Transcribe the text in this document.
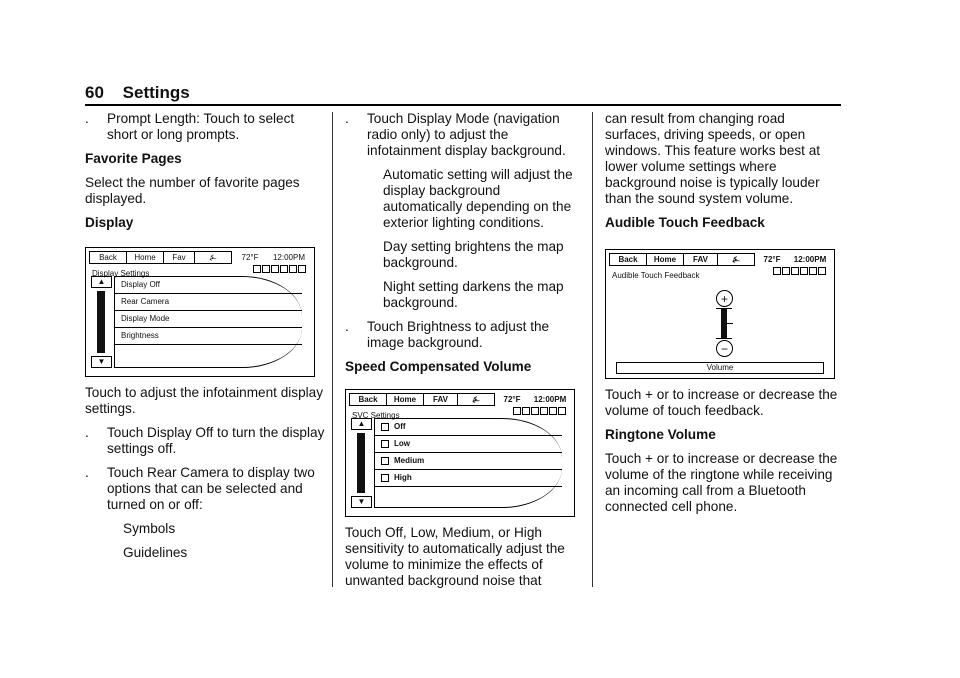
60 Settings
. Prompt Length: Touch to select short or long prompts.
Favorite Pages

Select the number of favorite pages displayed.

Display
Back	Home	Fav	⍼	72°F	12:00PM
Display Settings
▲
▼
Display Off
Rear Camera
Display Mode
Brightness

Touch to adjust the infotainment display settings.

. Touch Display Off to turn the display settings off.
. Touch Rear Camera to display two options that can be selected and turned on or off:
Symbols
Guidelines
. Touch Display Mode (navigation radio only) to adjust the infotainment display background.
Automatic setting will adjust the display background automatically depending on the exterior lighting conditions.
Day setting brightens the map background.
Night setting darkens the map background.
. Touch Brightness to adjust the image background.
Speed Compensated Volume
Back	Home	FAV	⍼	72°F	12:00PM
SVC Settings
▲
▼
Off
Low
Medium
High

Touch Off, Low, Medium, or High sensitivity to automatically adjust the volume to minimize the effects of unwanted background noise that

can result from changing road surfaces, driving speeds, or open windows. This feature works best at lower volume settings where background noise is typically louder than the sound system volume.

Audible Touch Feedback
Back	Home	FAV	⍼	72°F	12:00PM
Audible Touch Feedback
+
−
Volume

Touch + or to increase or decrease the volume of touch feedback.

Ringtone Volume

Touch + or to increase or decrease the volume of the ringtone while receiving an incoming call from a Bluetooth connected cell phone.
